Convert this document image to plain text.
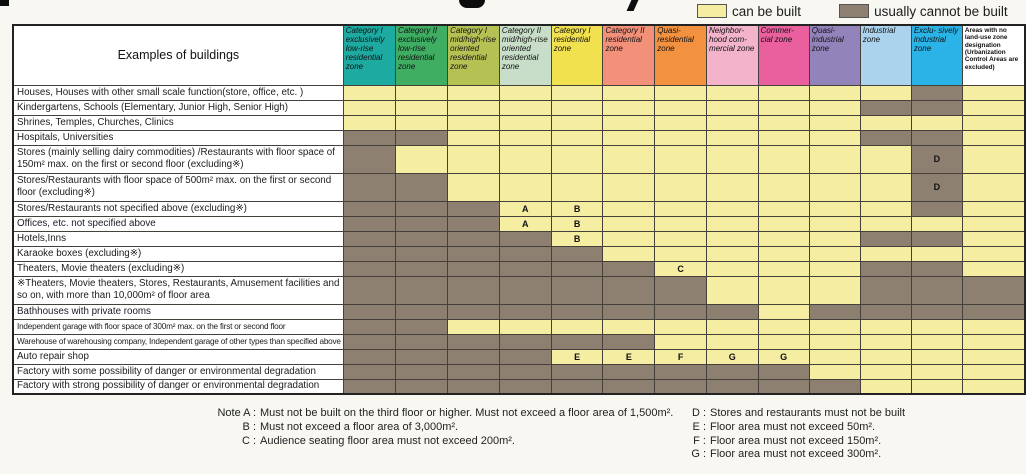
can be built	usually cannot be built
Examples of buildings	Category I exclusively low-rise residential zone	Category II exclusively low-rise residential zone	Category I mid/high-rise oriented residential zone	Category II mid/high-rise oriented residential zone	Category I residential zone	Category II residential zone	Quasi-residential zone	Neighbor- hood com- mercial zone	Commer- cial zone	Quasi- industrial zone	Industrial zone	Exclu- sively industrial zone	Areas with no land-use zone designation (Urbanization Control Areas are excluded)
Houses, Houses with other small scale function(store, office, etc. )													
Kindergartens, Schools (Elementary, Junior High, Senior High)													
Shrines, Temples, Churches, Clinics													
Hospitals, Universities													
Stores (mainly selling dairy commodities) /Restaurants with floor space of 150m² max. on the first or second floor (excluding※)												D	
Stores/Restaurants with floor space of 500m² max. on the first or second floor (excluding※)												D	
Stores/Restaurants not specified above (excluding※)				A	B								
Offices, etc. not specified above				A	B								
Hotels,Inns					B								
Karaoke boxes (excluding※)													
Theaters, Movie theaters (excluding※)							C						
※Theaters, Movie theaters, Stores, Restaurants, Amusement facilities and so on, with more than 10,000m² of floor area													
Bathhouses with private rooms													
Independent garage with floor space of 300m² max. on the first or second floor													
Warehouse of warehousing company, Independent garage of other types than specified above													
Auto repair shop					E	E	F	G	G				
Factory with some possibility of danger or environmental degradation													
Factory with strong possibility of danger or environmental degradation													
Note A : Must not be built on the third floor or higher. Must not exceed a floor area of 1,500m².
B : Must not exceed a floor area of 3,000m².
C : Audience seating floor area must not exceed 200m².
D : Stores and restaurants must not be built
E : Floor area must not exceed 50m².
F : Floor area must not exceed 150m².
G : Floor area must not exceed 300m².
